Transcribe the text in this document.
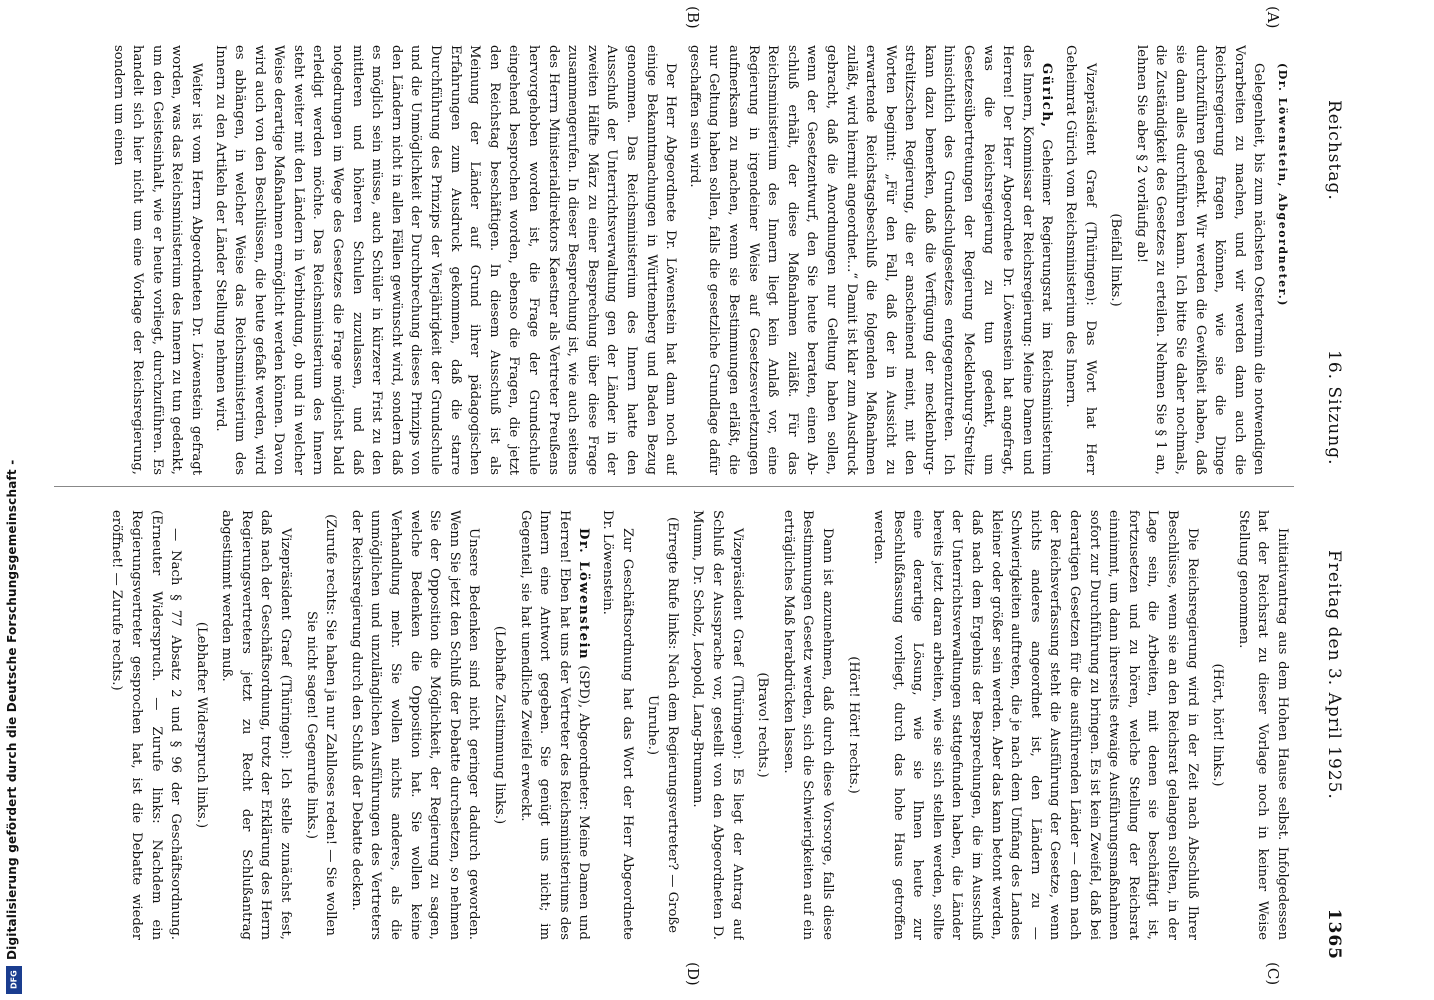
Reichstag.
16. Sitzung.
Freitag den 3. April 1925.
1365
(A)
(B)
(C)
(D)

(Dr. Löwenstein, Abgeordneter.)

Gelegenheit, bis zum nächsten Ostertermin die notwendigen Vorarbeiten zu machen, und wir werden dann auch die Reichsregierung fragen können, wie sie die Dinge durchzuführen gedenkt. Wir werden die Gewißheit haben, daß sie dann alles durchführen kann. Ich bitte Sie daher nochmals, die Zuständigkeit des Gesetzes zu erteilen. Nehmen Sie § 1 an, lehnen Sie aber § 2 vorläufig ab!

(Beifall links.)

Vizepräsident Graef (Thüringen): Das Wort hat Herr Geheimrat Gürich vom Reichsministerium des Innern.

Gürich, Geheimer Regierungsrat im Reichsministerium des Innern, Kommissar der Reichsregierung: Meine Damen und Herren! Der Herr Abgeordnete Dr. Löwenstein hat angefragt, was die Reichsregierung zu tun gedenkt, um Gesetzesübertretungen der Regierung Mecklenburg-Strelitz hinsichtlich des Grundschulgesetzes entgegenzutreten. Ich kann dazu bemerken, daß die Verfügung der mecklenburg-strelitzschen Regierung, die er anscheinend meint, mit den Worten beginnt: „Für den Fall, daß der in Aussicht zu erwartende Reichstagsbeschluß die folgenden Maßnahmen zuläßt, wird hiermit angeordnet...“ Damit ist klar zum Ausdruck gebracht, daß die Anordnungen nur Geltung haben sollen, wenn der Gesetzentwurf, den Sie heute beraten, einen Abschluß erhält, der diese Maßnahmen zuläßt. Für das Reichsministerium des Innern liegt kein Anlaß vor, eine Regierung in irgendeiner Weise auf Gesetzesverletzungen aufmerksam zu machen, wenn sie Bestimmungen erläßt, die nur Geltung haben sollen, falls die gesetzliche Grundlage dafür geschaffen sein wird.

Der Herr Abgeordnete Dr. Löwenstein hat dann noch auf einige Bekanntmachungen in Württemberg und Baden Bezug genommen. Das Reichsministerium des Innern hatte den Ausschuß der Unterrichtsverwaltung gen der Länder in der zweiten Hälfte März zu einer Besprechung über diese Frage zusammengerufen. In dieser Besprechung ist, wie auch seitens des Herrn Ministerialdirektors Kaestner als Vertreter Preußens hervorgehoben worden ist, die Frage der Grundschule eingehend besprochen worden, ebenso die Fragen, die jetzt den Reichstag beschäftigen. In diesem Ausschuß ist als Meinung der Länder auf Grund ihrer pädagogischen Erfahrungen zum Ausdruck gekommen, daß die starre Durchführung des Prinzips der Vierjährigkeit der Grundschule und die Unmöglichkeit der Durchbrechung dieses Prinzips von den Ländern nicht in allen Fällen gewünscht wird, sondern daß es möglich sein müsse, auch Schüler in kürzerer Frist zu den mittleren und höheren Schulen zuzulassen, und daß notgedrungen im Wege des Gesetzes die Frage möglichst bald erledigt werden möchte. Das Reichsministerium des Innern steht weiter mit den Ländern in Verbindung, ob und in welcher Weise derartige Maßnahmen ermöglicht werden können. Davon wird auch von den Beschlüssen, die heute gefaßt werden, wird es abhängen, in welcher Weise das Reichsministerium des Innern zu den Artikeln der Länder Stellung nehmen wird.

Weiter ist vom Herrn Abgeordneten Dr. Löwenstein gefragt worden, was das Reichsministerium des Innern zu tun gedenkt, um den Geistesinhalt, wie er heute vorliegt, durchzuführen. Es handelt sich hier nicht um eine Vorlage der Reichsregierung, sondern um einen

Initiativantrag aus dem Hohen Hause selbst. Infolgedessen hat der Reichsrat zu dieser Vorlage noch in keiner Weise Stellung genommen.

(Hört, hört! links.)

Die Reichsregierung wird in der Zeit nach Abschluß Ihrer Beschlüsse, wenn sie an den Reichsrat gelangen sollten, in der Lage sein, die Arbeiten, mit denen sie beschäftigt ist, fortzusetzen und zu hören, welche Stellung der Reichsrat einnimmt, um dann ihrerseits etwaige Ausführungsmaßnahmen sofort zur Durchführung zu bringen. Es ist kein Zweifel, daß bei derartigen Gesetzen für die ausführenden Länder — denn nach der Reichsverfassung steht die Ausführung der Gesetze, wenn nichts anderes angeordnet ist, den Ländern zu — Schwierigkeiten auftreten, die je nach dem Umfang des Landes kleiner oder größer sein werden. Aber das kann betont werden, daß nach dem Ergebnis der Besprechungen, die im Ausschuß der Unterrichtsverwaltungen stattgefunden haben, die Länder bereits jetzt daran arbeiten, wie sie sich stellen werden, sollte eine derartige Lösung, wie sie Ihnen heute zur Beschlußfassung vorliegt, durch das hohe Haus getroffen werden.

(Hört! Hört! rechts.)

Dann ist anzunehmen, daß durch diese Vorsorge, falls diese Bestimmungen Gesetz werden, sich die Schwierigkeiten auf ein erträgliches Maß herabdrücken lassen.

(Bravo! rechts.)

Vizepräsident Graef (Thüringen): Es liegt der Antrag auf Schluß der Aussprache vor, gestellt von den Abgeordneten D. Mumm, Dr. Scholz, Leopold, Lang-Brumann.

(Erregte Rufe links: Nach dem Regierungsvertreter? — Große Unruhe.)

Zur Geschäftsordnung hat das Wort der Herr Abgeordnete Dr. Löwenstein.

Dr. Löwenstein (SPD), Abgeordneter: Meine Damen und Herren! Eben hat uns der Vertreter des Reichsministeriums des Innern eine Antwort gegeben. Sie genügt uns nicht; im Gegenteil, sie hat unendliche Zweifel erweckt.

(Lebhafte Zustimmung links.)

Unsere Bedenken sind nicht geringer dadurch geworden. Wenn Sie jetzt den Schluß der Debatte durchsetzen, so nehmen Sie der Opposition die Möglichkeit, der Regierung zu sagen, welche Bedenken die Opposition hat. Sie wollen keine Verhandlung mehr. Sie wollen nichts anderes, als die unmöglichen und unzulänglichen Ausführungen des Vertreters der Reichsregierung durch den Schluß der Debatte decken.

(Zurufe rechts: Sie haben ja nur Zahlloses reden! — Sie wollen Sie nicht sagen! Gegenrufe links.)

Vizepräsident Graef (Thüringen): Ich stelle zunächst fest, daß nach der Geschäftsordnung, trotz der Erklärung des Herrn Regierungsvertreters jetzt zu Recht der Schlußantrag abgestimmt werden muß.

(Lebhafter Widerspruch links.)

— Nach § 77 Absatz 2 und § 96 der Geschäftsordnung. (Erneuter Widerspruch. — Zurufe links: Nachdem ein Regierungsvertreter gesprochen hat, ist die Debatte wieder eröffnet! — Zurufe rechts.)

Digitalisierung gefördert durch die Deutsche Forschungsgemeinschaft -
DFG
